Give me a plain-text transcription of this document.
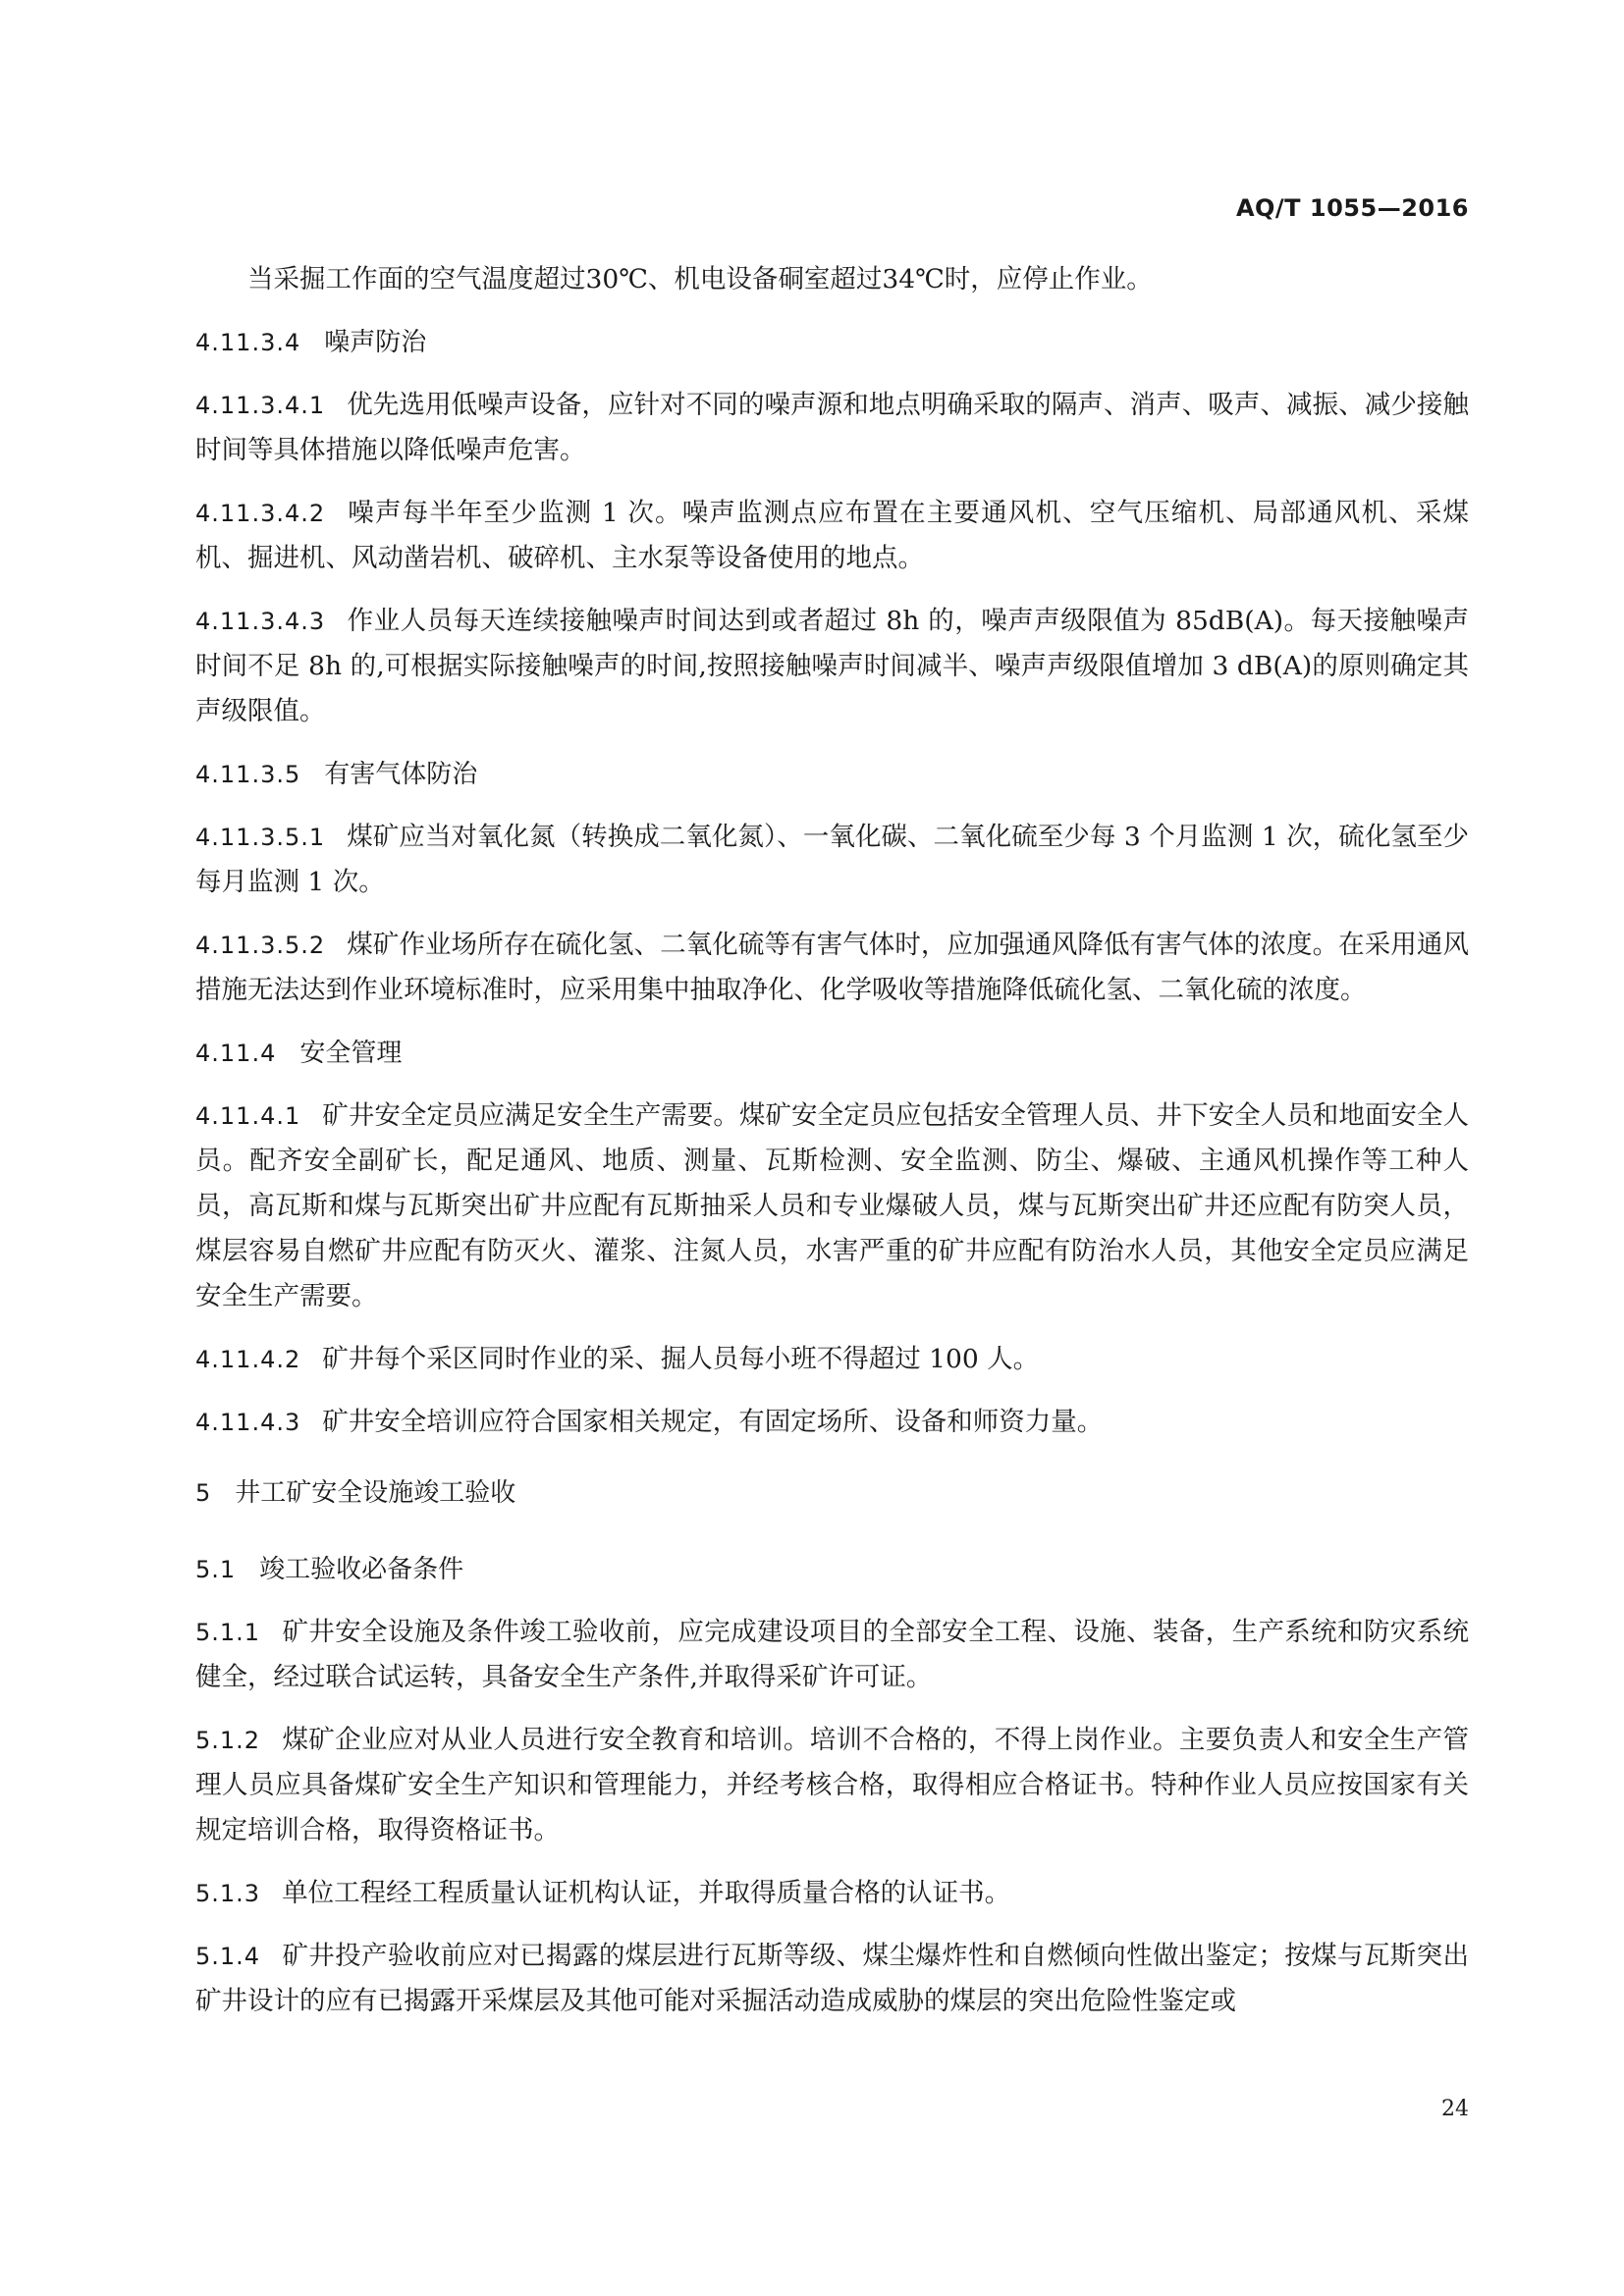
AQ/T 1055—2016

当采掘工作面的空气温度超过30℃、机电设备硐室超过34℃时，应停止作业。

4.11.3.4 噪声防治

4.11.3.4.1 优先选用低噪声设备，应针对不同的噪声源和地点明确采取的隔声、消声、吸声、减振、减少接触时间等具体措施以降低噪声危害。

4.11.3.4.2 噪声每半年至少监测 1 次。噪声监测点应布置在主要通风机、空气压缩机、局部通风机、采煤机、掘进机、风动凿岩机、破碎机、主水泵等设备使用的地点。

4.11.3.4.3 作业人员每天连续接触噪声时间达到或者超过 8h 的，噪声声级限值为 85dB(A)。每天接触噪声时间不足 8h 的,可根据实际接触噪声的时间,按照接触噪声时间减半、噪声声级限值增加 3 dB(A)的原则确定其声级限值。

4.11.3.5 有害气体防治

4.11.3.5.1 煤矿应当对氧化氮（转换成二氧化氮）、一氧化碳、二氧化硫至少每 3 个月监测 1 次，硫化氢至少每月监测 1 次。

4.11.3.5.2 煤矿作业场所存在硫化氢、二氧化硫等有害气体时，应加强通风降低有害气体的浓度。在采用通风措施无法达到作业环境标准时，应采用集中抽取净化、化学吸收等措施降低硫化氢、二氧化硫的浓度。

4.11.4 安全管理

4.11.4.1 矿井安全定员应满足安全生产需要。煤矿安全定员应包括安全管理人员、井下安全人员和地面安全人员。配齐安全副矿长，配足通风、地质、测量、瓦斯检测、安全监测、防尘、爆破、主通风机操作等工种人员，高瓦斯和煤与瓦斯突出矿井应配有瓦斯抽采人员和专业爆破人员，煤与瓦斯突出矿井还应配有防突人员，煤层容易自燃矿井应配有防灭火、灌浆、注氮人员，水害严重的矿井应配有防治水人员，其他安全定员应满足安全生产需要。

4.11.4.2 矿井每个采区同时作业的采、掘人员每小班不得超过 100 人。

4.11.4.3 矿井安全培训应符合国家相关规定，有固定场所、设备和师资力量。

5 井工矿安全设施竣工验收
5.1 竣工验收必备条件

5.1.1 矿井安全设施及条件竣工验收前，应完成建设项目的全部安全工程、设施、装备，生产系统和防灾系统健全，经过联合试运转，具备安全生产条件,并取得采矿许可证。

5.1.2 煤矿企业应对从业人员进行安全教育和培训。培训不合格的，不得上岗作业。主要负责人和安全生产管理人员应具备煤矿安全生产知识和管理能力，并经考核合格，取得相应合格证书。特种作业人员应按国家有关规定培训合格，取得资格证书。

5.1.3 单位工程经工程质量认证机构认证，并取得质量合格的认证书。

5.1.4 矿井投产验收前应对已揭露的煤层进行瓦斯等级、煤尘爆炸性和自燃倾向性做出鉴定；按煤与瓦斯突出矿井设计的应有已揭露开采煤层及其他可能对采掘活动造成威胁的煤层的突出危险性鉴定或

24
